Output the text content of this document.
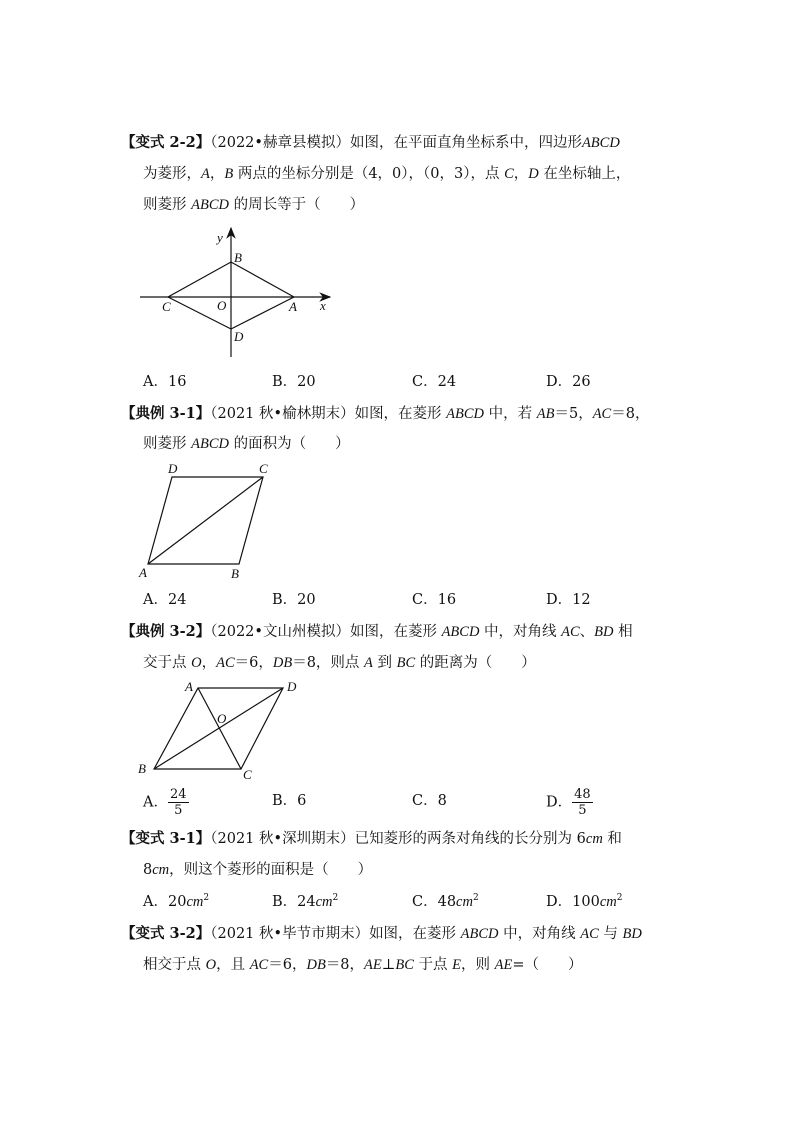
【变式 2-2】（2022•赫章县模拟）如图，在平面直角坐标系中，四边形ABCD
为菱形，A，B 两点的坐标分别是（4，0），（0，3），点 C，D 在坐标轴上，
则菱形 ABCD 的周长等于（　　）
y
x
B
C	O	A
D
A．16	B．20	C．24	D．26
【典例 3-1】（2021 秋•榆林期末）如图，在菱形 ABCD 中，若 AB＝5，AC＝8，
则菱形 ABCD 的面积为（　　）
D	C
A	B
A．24	B．20	C．16	D．12
【典例 3-2】（2022•文山州模拟）如图，在菱形 ABCD 中，对角线 AC、BD 相
交于点 O，AC＝6，DB＝8，则点 A 到 BC 的距离为（　　）
A	D
O
B	C
A． $\frac{24}{5}$	B．6	C．8	D． $\frac{48}{5}$
【变式 3-1】（2021 秋•深圳期末）已知菱形的两条对角线的长分别为 6cm 和
8cm，则这个菱形的面积是（　　）
A．$20cm^2$	B．$24cm^2$	C．$48cm^2$	D．$100cm^2$
【变式 3-2】（2021 秋•毕节市期末）如图，在菱形 ABCD 中，对角线 AC 与 BD
相交于点 O，且 AC＝6，DB＝8，AE⊥BC 于点 E，则 AE=（　　）
